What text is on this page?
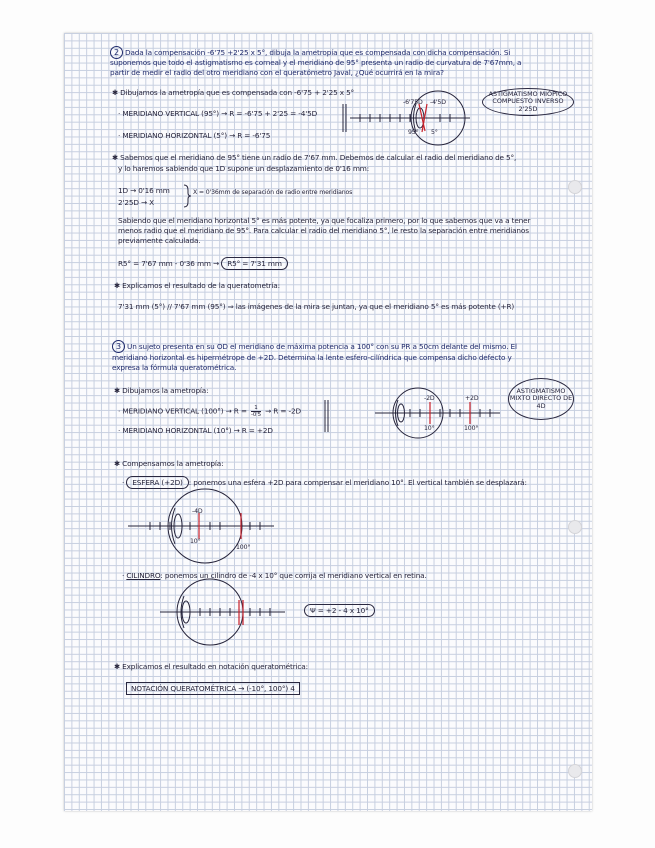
2 Dada la compensación -6'75 +2'25 x 5°, dibuja la ametropía que es compensada con dicha compensación. Si
suponemos que todo el astigmatismo es corneal y el meridiano de 95° presenta un radio de curvatura de 7'67mm, a
partir de medir el radio del otro meridiano con el queratómetro Javal, ¿Qué ocurrirá en la mira?
✱ Dibujamos la ametropía que es compensada con -6'75 + 2'25 x 5°
· MERIDIANO VERTICAL (95°) → R = -6'75 + 2'25 = -4'5D
· MERIDIANO HORIZONTAL (5°) → R = -6'75
-6'75D -4'5D
95° 5°
ASTIGMATISMO MIÓPICO COMPUESTO INVERSO 2'25D
✱ Sabemos que el meridiano de 95° tiene un radio de 7'67 mm. Debemos de calcular el radio del meridiano de 5°,
y lo haremos sabiendo que 1D supone un desplazamiento de 0'16 mm:
1D → 0'16 mm
2'25D → X
X = 0'36mm de separación de radio entre meridianos
Sabiendo que el meridiano horizontal 5° es más potente, ya que focaliza primero, por lo que sabemos que va a tener
menos radio que el meridiano de 95°. Para calcular el radio del meridiano 5°, le resto la separación entre meridianos
previamente calculada.
R5° = 7'67 mm - 0'36 mm → R5° = 7'31 mm
✱ Explicamos el resultado de la queratometría:
7'31 mm (5°) // 7'67 mm (95°) ⇒ las imágenes de la mira se juntan, ya que el meridiano 5° es más potente (+R)
3 Un sujeto presenta en su OD el meridiano de máxima potencia a 100° con su PR a 50cm delante del mismo. El
meridiano horizontal es hipermétrope de +2D. Determina la lente esfero-cilíndrica que compensa dicho defecto y
expresa la fórmula queratométrica.
✱ Dibujamos la ametropía:
· MERIDIANO VERTICAL $(100^\circ) \to R = \frac{1}{-0'5} \to R = -2D$
· MERIDIANO HORIZONTAL (10°) → R = +2D
-2D	+2D
10°	100°
ASTIGMATISMO MIXTO DIRECTO DE 4D
✱ Compensamos la ametropía:
· ESFERA (+2D) : ponemos una esfera +2D para compensar el meridiano 10°. El vertical también se desplazará:
-4D
10°
100°
· CILINDRO: ponemos un cilindro de -4 x 10° que corrija el meridiano vertical en retina.
Ψ = +2 - 4 x 10°
✱ Explicamos el resultado en notación queratométrica:
NOTACIÓN QUERATOMÉTRICA → (-10°, 100°) 4
